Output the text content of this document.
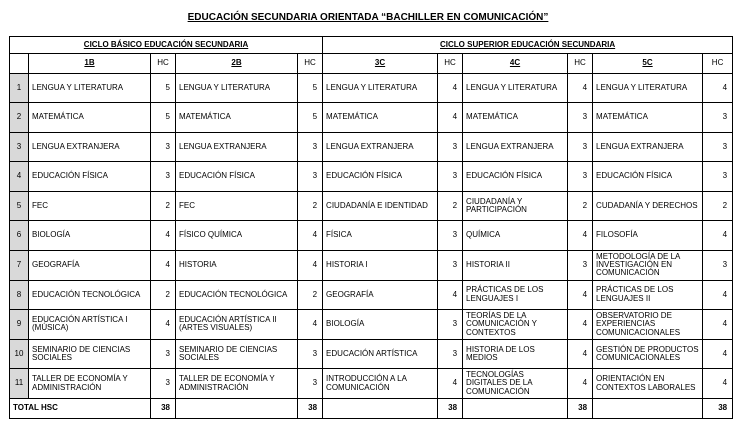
EDUCACIÓN SECUNDARIA ORIENTADA “BACHILLER EN COMUNICACIÓN”
CICLO BÁSICO EDUCACIÓN SECUNDARIA					CICLO SUPERIOR EDUCACIÓN SECUNDARIA					
	1B	HC	2B	HC	3C	HC	4C	HC	5C	HC
1	LENGUA Y LITERATURA	5	LENGUA Y LITERATURA	5	LENGUA Y LITERATURA	4	LENGUA Y LITERATURA	4	LENGUA Y LITERATURA	4
2	MATEMÁTICA	5	MATEMÁTICA	5	MATEMÁTICA	4	MATEMÁTICA	3	MATEMÁTICA	3
3	LENGUA EXTRANJERA	3	LENGUA EXTRANJERA	3	LENGUA EXTRANJERA	3	LENGUA EXTRANJERA	3	LENGUA EXTRANJERA	3
4	EDUCACIÓN FÍSICA	3	EDUCACIÓN FÍSICA	3	EDUCACIÓN FÍSICA	3	EDUCACIÓN FÍSICA	3	EDUCACIÓN FÍSICA	3
5	FEC	2	FEC	2	CIUDADANÍA E IDENTIDAD	2	CIUDADANÍA Y PARTICIPACIÓN	2	CUDADANÍA Y DERECHOS	2
6	BIOLOGÍA	4	FÍSICO QUÍMICA	4	FÍSICA	3	QUÍMICA	4	FILOSOFÍA	4
7	GEOGRAFÍA	4	HISTORIA	4	HISTORIA I	3	HISTORIA II	3	METODOLOGÍA DE LA INVESTIGACIÓN EN COMUNICACIÓN	3
8	EDUCACIÓN TECNOLÓGICA	2	EDUCACIÓN TECNOLÓGICA	2	GEOGRAFÍA	4	PRÁCTICAS DE LOS LENGUAJES I	4	PRÁCTICAS DE LOS LENGUAJES II	4
9	EDUCACIÓN ARTÍSTICA I (MÚSICA)	4	EDUCACIÓN ARTÍSTICA II (ARTES VISUALES)	4	BIOLOGÍA	3	TEORÍAS DE LA COMUNICACIÓN Y CONTEXTOS	4	OBSERVATORIO DE EXPERIENCIAS COMUNICACIONALES	4
10	SEMINARIO DE CIENCIAS SOCIALES	3	SEMINARIO DE CIENCIAS SOCIALES	3	EDUCACIÓN ARTÍSTICA	3	HISTORIA DE LOS MEDIOS	4	GESTIÓN DE PRODUCTOS COMUNICACIONALES	4
11	TALLER DE ECONOMÍA Y ADMINISTRACIÓN	3	TALLER DE ECONOMÍA Y ADMINISTRACIÓN	3	INTRODUCCIÓN A LA COMUNICACIÓN	4	TECNOLOGÍAS DIGITALES DE LA COMUNICACIÓN	4	ORIENTACIÓN EN CONTEXTOS LABORALES	4
TOTAL HSC		38		38		38		38		38
